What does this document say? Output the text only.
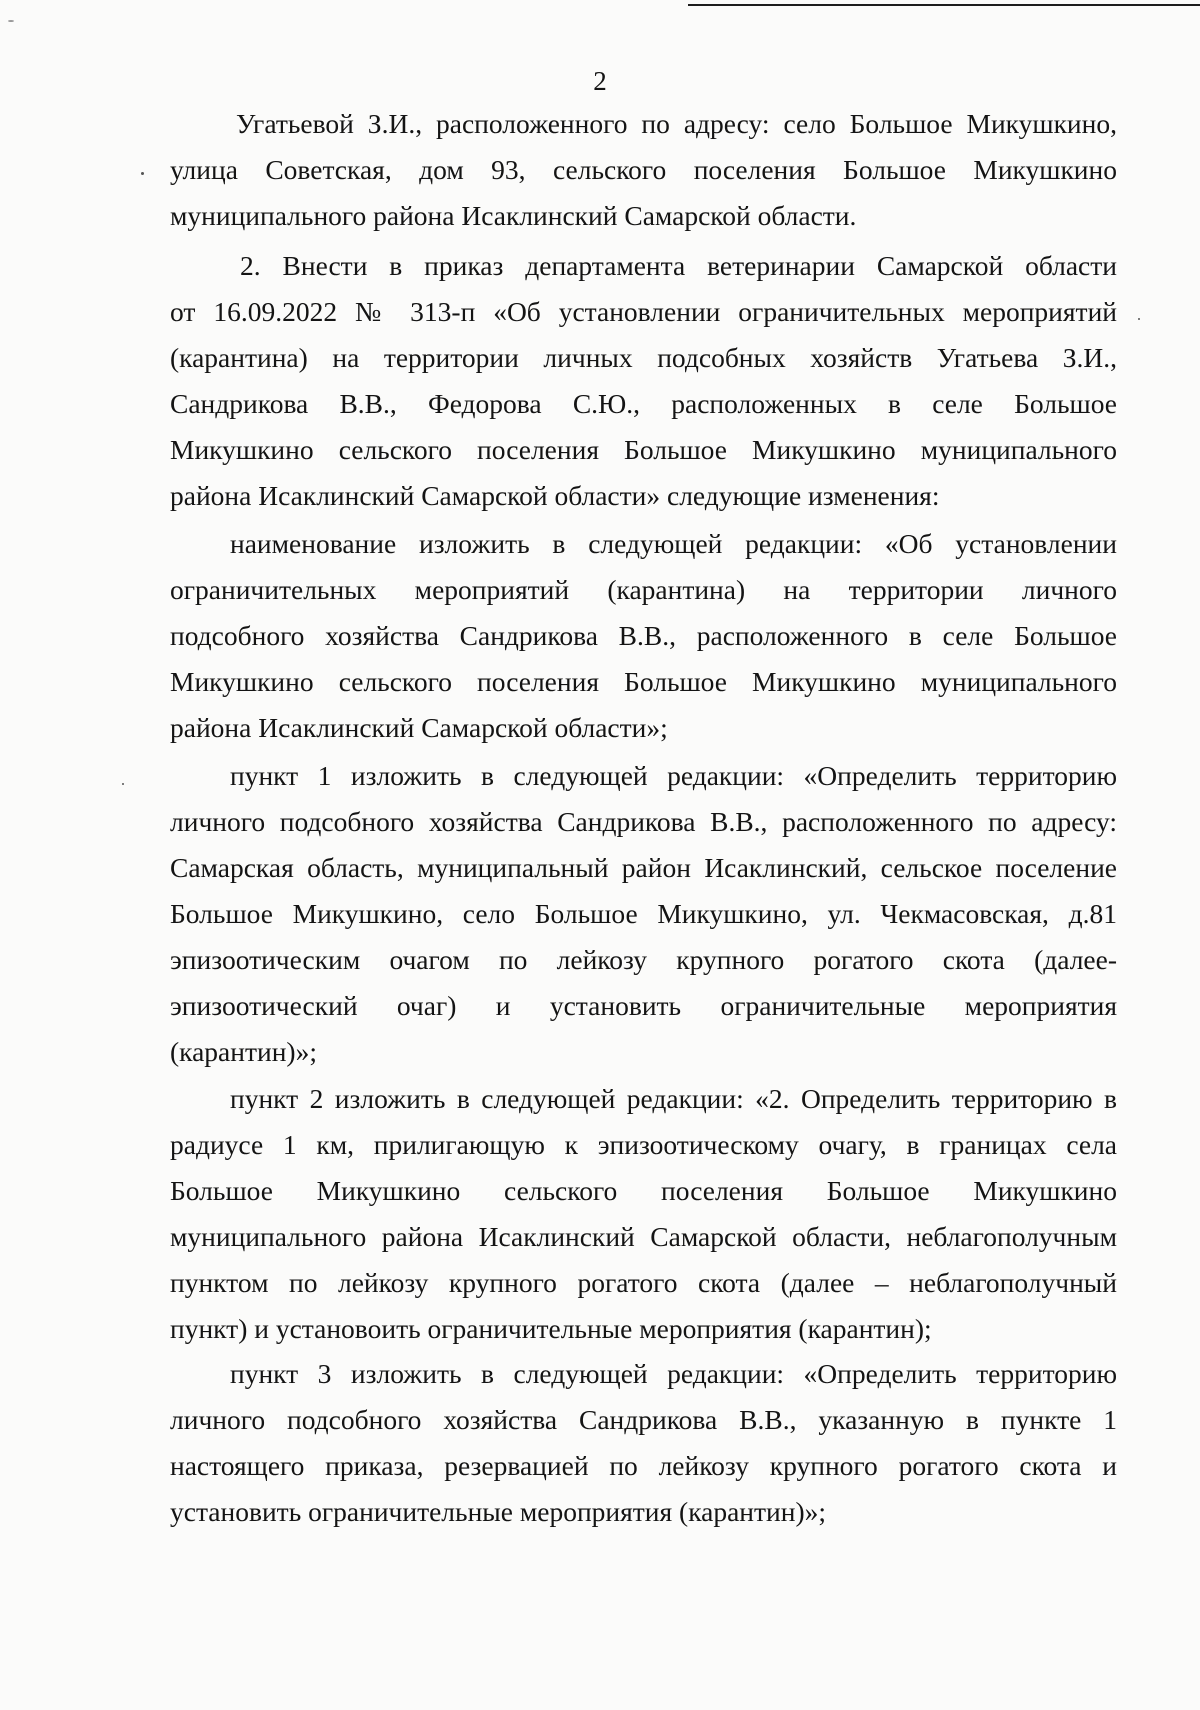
2
Угатьевой З.И., расположенного по адресу: село Большое Микушкино,
улица Советская, дом 93, сельского поселения Большое Микушкино
муниципального района Исаклинский Самарской области.
2. Внести в приказ департамента ветеринарии Самарской области
от 16.09.2022 № 313-п «Об установлении ограничительных мероприятий
(карантина) на территории личных подсобных хозяйств Угатьева З.И.,
Сандрикова В.В., Федорова С.Ю., расположенных в селе Большое
Микушкино сельского поселения Большое Микушкино муниципального
района Исаклинский Самарской области» следующие изменения:
наименование изложить в следующей редакции: «Об установлении
ограничительных мероприятий (карантина) на территории личного
подсобного хозяйства Сандрикова В.В., расположенного в селе Большое
Микушкино сельского поселения Большое Микушкино муниципального
района Исаклинский Самарской области»;
пункт 1 изложить в следующей редакции: «Определить территорию
личного подсобного хозяйства Сандрикова В.В., расположенного по адресу:
Самарская область, муниципальный район Исаклинский, сельское поселение
Большое Микушкино, село Большое Микушкино, ул. Чекмасовская, д.81
эпизоотическим очагом по лейкозу крупного рогатого скота (далее-
эпизоотический очаг) и установить ограничительные мероприятия
(карантин)»;
пункт 2 изложить в следующей редакции: «2. Определить территорию в
радиусе 1 км, прилигающую к эпизоотическому очагу, в границах села
Большое Микушкино сельского поселения Большое Микушкино
муниципального района Исаклинский Самарской области, неблагополучным
пунктом по лейкозу крупного рогатого скота (далее – неблагополучный
пункт) и установоить ограничительные мероприятия (карантин);
пункт 3 изложить в следующей редакции: «Определить территорию
личного подсобного хозяйства Сандрикова В.В., указанную в пункте 1
настоящего приказа, резервацией по лейкозу крупного рогатого скота и
установить ограничительные мероприятия (карантин)»;
